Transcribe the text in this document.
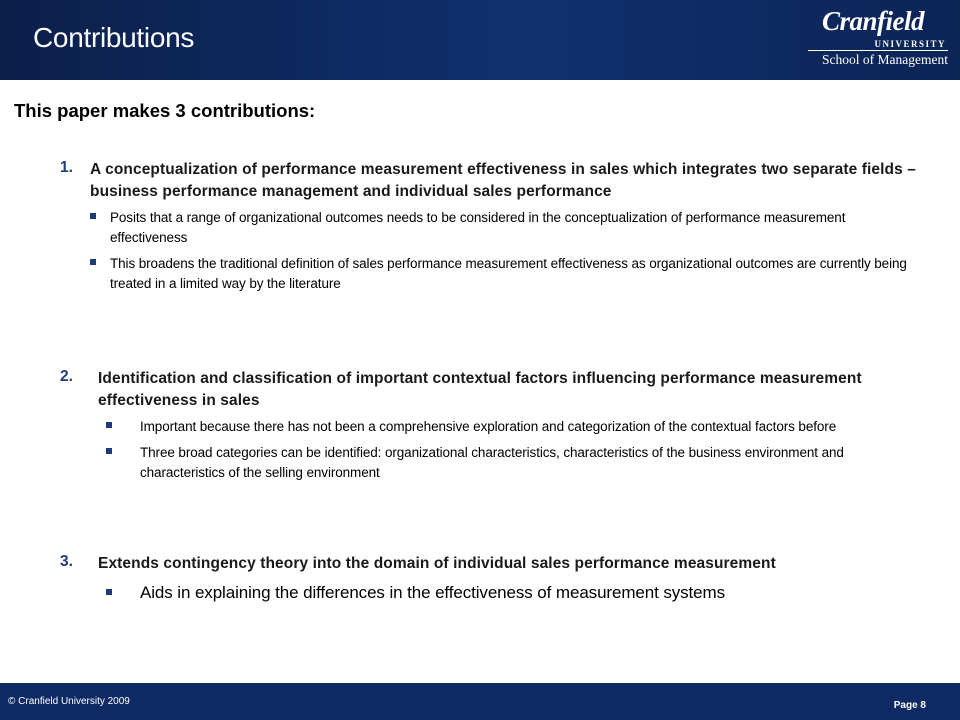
Contributions
Cranfield
UNIVERSITY
School of Management
This paper makes 3 contributions:
1. A conceptualization of performance measurement effectiveness in sales which integrates two separate fields – business performance management and individual sales performance
Posits that a range of organizational outcomes needs to be considered in the conceptualization of performance measurement effectiveness
This broadens the traditional definition of sales performance measurement effectiveness as organizational outcomes are currently being treated in a limited way by the literature
2. Identification and classification of important contextual factors influencing performance measurement effectiveness in sales
Important because there has not been a comprehensive exploration and categorization of the contextual factors before
Three broad categories can be identified: organizational characteristics, characteristics of the business environment and characteristics of the selling environment
3. Extends contingency theory into the domain of individual sales performance measurement
Aids in explaining the differences in the effectiveness of measurement systems
© Cranfield University 2009	Page 8
